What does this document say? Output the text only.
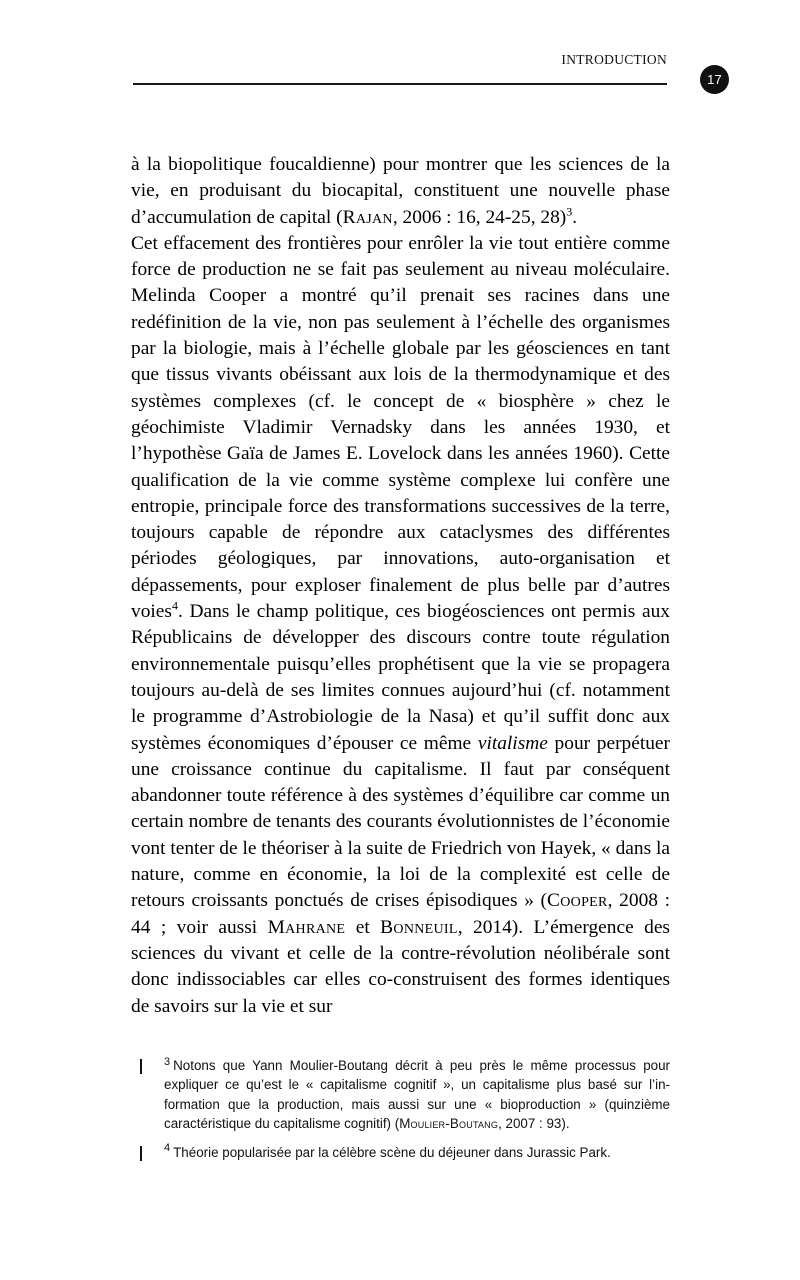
INTRODUCTION
17

à la biopolitique foucaldienne) pour montrer que les sciences de la vie, en produisant du biocapital, constituent une nouvelle phase d’accumulation de capital (Rajan, 2006 : 16, 24-25, 28)$^3$.

Cet effacement des frontières pour enrôler la vie tout entière comme force de production ne se fait pas seulement au niveau moléculaire. Melinda Cooper a montré qu’il prenait ses racines dans une redéfinition de la vie, non pas seulement à l’échelle des organismes par la biologie, mais à l’échelle globale par les géosciences en tant que tissus vivants obéissant aux lois de la thermodynamique et des systèmes complexes (cf. le concept de « biosphère » chez le géochimiste Vladimir Vernadsky dans les années 1930, et l’hypothèse Gaïa de James E. Lovelock dans les années 1960). Cette qualification de la vie comme système complexe lui confère une entropie, principale force des transformations successives de la terre, toujours capable de répondre aux cataclysmes des différentes périodes géologiques, par innovations, auto-organisation et dépassements, pour exploser finalement de plus belle par d’autres voies$^4$. Dans le champ politique, ces biogéosciences ont permis aux Républicains de développer des discours contre toute régulation environnementale puisqu’elles prophétisent que la vie se propagera toujours au-delà de ses limites connues aujourd’hui (cf. notamment le programme d’Astrobiologie de la Nasa) et qu’il suffit donc aux systèmes économiques d’épouser ce même vitalisme pour perpétuer une croissance continue du capitalisme. Il faut par conséquent abandonner toute référence à des systèmes d’équilibre car comme un certain nombre de tenants des courants évolutionnistes de l’économie vont tenter de le théoriser à la suite de Friedrich von Hayek, « dans la nature, comme en économie, la loi de la complexité est celle de retours croissants ponctués de crises épisodiques » (Cooper, 2008 : 44 ; voir aussi Mahrane et Bonneuil, 2014). L’émergence des sciences du vivant et celle de la contre-révolution néolibérale sont donc indissociables car elles co-construisent des formes identiques de savoirs sur la vie et sur

$^3$ Notons que Yann Moulier-Boutang décrit à peu près le même processus pour expliquer ce qu’est le « capitalisme cognitif », un capitalisme plus basé sur l’information que la production, mais aussi sur une « bioproduction » (quinzième caractéristique du capitalisme cognitif) (Moulier-Boutang, 2007 : 93).
$^4$ Théorie popularisée par la célèbre scène du déjeuner dans Jurassic Park.
